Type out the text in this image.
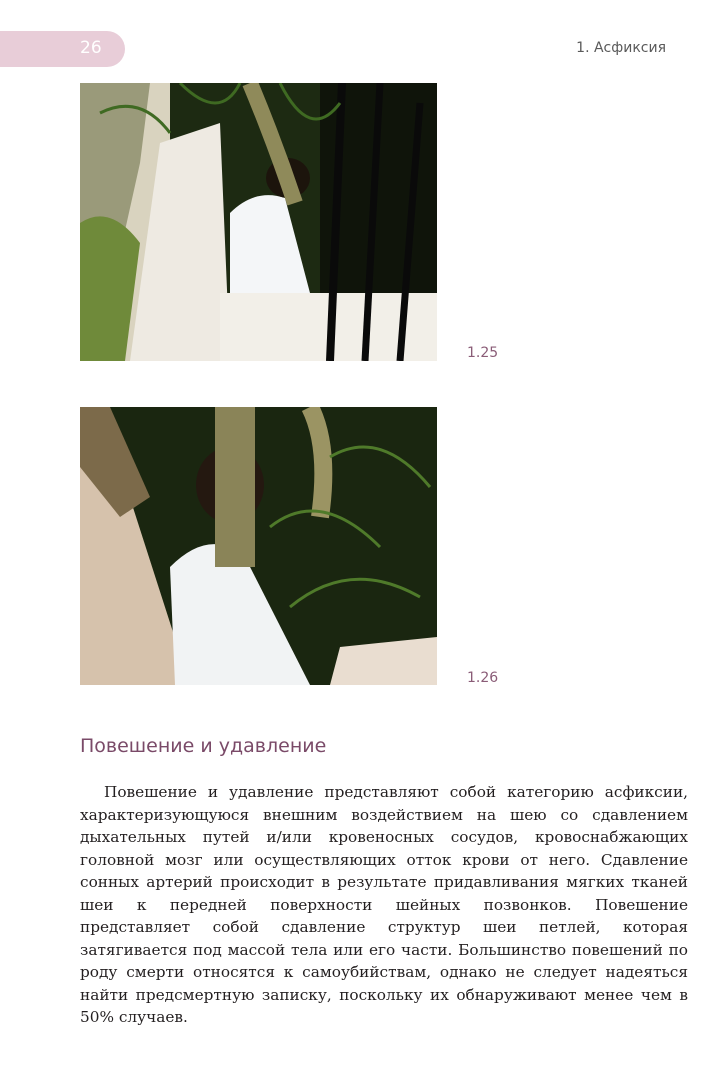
26	1. Асфиксия
1.25
1.26
Повешение и удавление

Повешение и удавление представляют собой категорию асфиксии, характеризующуюся внешним воздействием на шею со сдавлением дыхательных путей и/или кровеносных сосудов, кровоснабжающих головной мозг или осуществляющих отток крови от него. Сдавление сонных артерий происходит в результате придавливания мягких тканей шеи к передней поверхности шейных позвонков. Повешение представляет собой сдавление структур шеи петлей, которая затягивается под массой тела или его части. Большинство повешений по роду смерти относятся к самоубийствам, однако не следует надеяться найти предсмертную записку, поскольку их обнаруживают менее чем в 50% случаев.
